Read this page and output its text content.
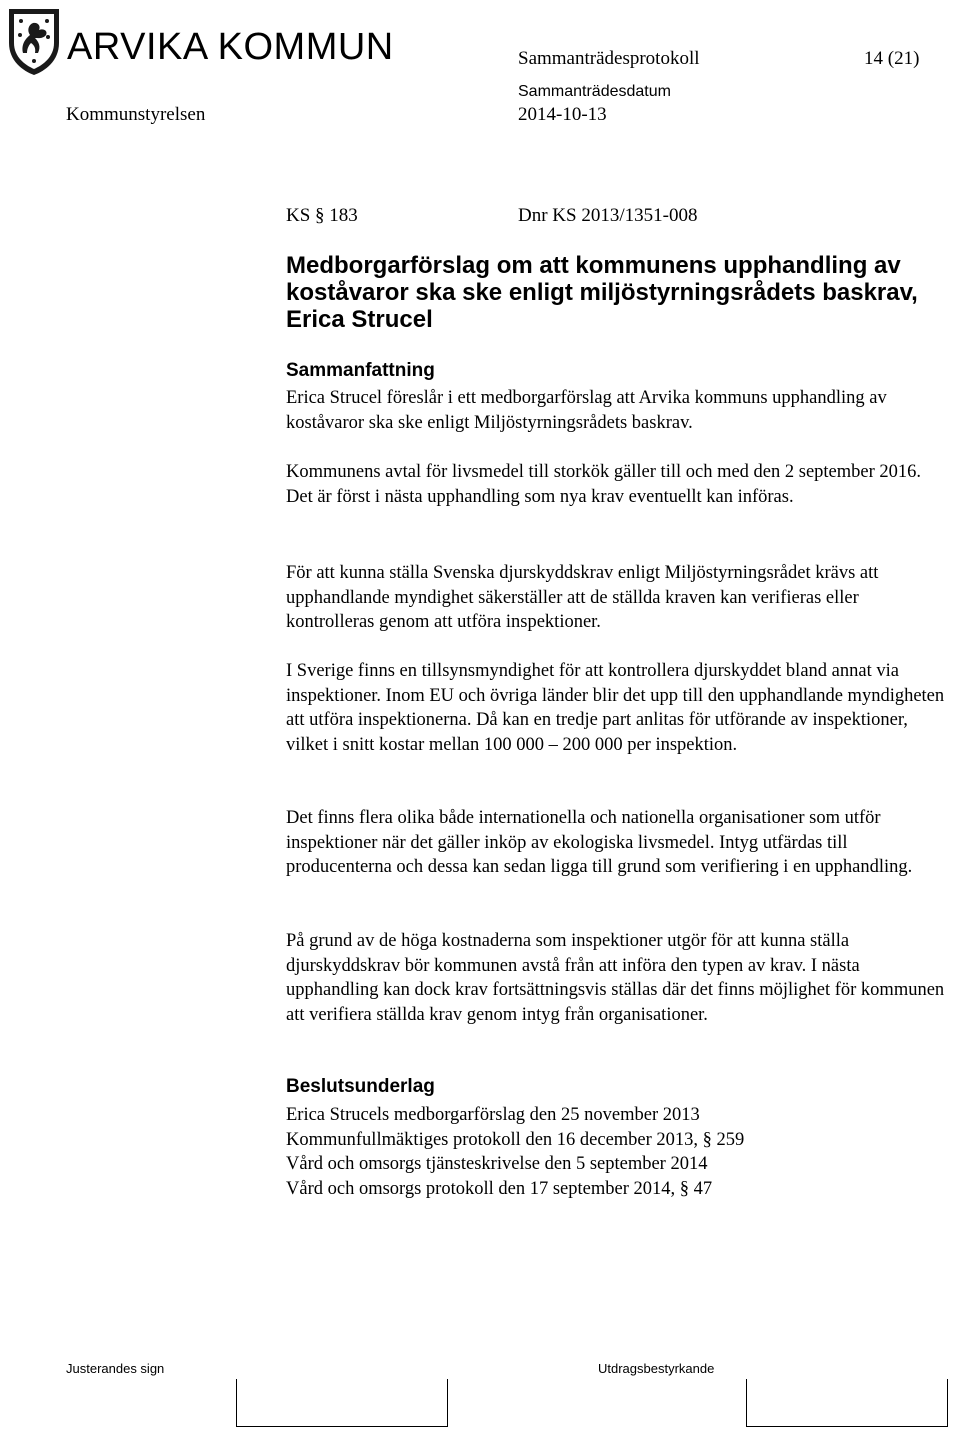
ARVIKA KOMMUN	Sammanträdesprotokoll	14 (21)
Sammanträdesdatum
Kommunstyrelsen	2014-10-13
KS § 183	Dnr KS 2013/1351-008
Medborgarförslag om att kommunens upphandling av koståvaror ska ske enligt miljöstyrningsrådets baskrav, Erica Strucel
Sammanfattning

Erica Strucel föreslår i ett medborgarförslag att Arvika kommuns upphandling av koståvaror ska ske enligt Miljöstyrningsrådets baskrav.

Kommunens avtal för livsmedel till storkök gäller till och med den 2 september 2016. Det är först i nästa upphandling som nya krav eventuellt kan införas.

För att kunna ställa Svenska djurskyddskrav enligt Miljöstyrningsrådet krävs att upphandlande myndighet säkerställer att de ställda kraven kan verifieras eller kontrolleras genom att utföra inspektioner.

I Sverige finns en tillsynsmyndighet för att kontrollera djurskyddet bland annat via inspektioner. Inom EU och övriga länder blir det upp till den upphandlande myndigheten att utföra inspektionerna. Då kan en tredje part anlitas för utförande av inspektioner, vilket i snitt kostar mellan 100 000 – 200 000 per inspektion.

Det finns flera olika både internationella och nationella organisationer som utför inspektioner när det gäller inköp av ekologiska livsmedel. Intyg utfärdas till producenterna och dessa kan sedan ligga till grund som verifiering i en upphandling.

På grund av de höga kostnaderna som inspektioner utgör för att kunna ställa djurskyddskrav bör kommunen avstå från att införa den typen av krav. I nästa upphandling kan dock krav fortsättningsvis ställas där det finns möjlighet för kommunen att verifiera ställda krav genom intyg från organisationer.

Beslutsunderlag
Erica Strucels medborgarförslag den 25 november 2013
Kommunfullmäktiges protokoll den 16 december 2013, § 259
Vård och omsorgs tjänsteskrivelse den 5 september 2014
Vård och omsorgs protokoll den 17 september 2014, § 47
Justerandes sign	Utdragsbestyrkande
